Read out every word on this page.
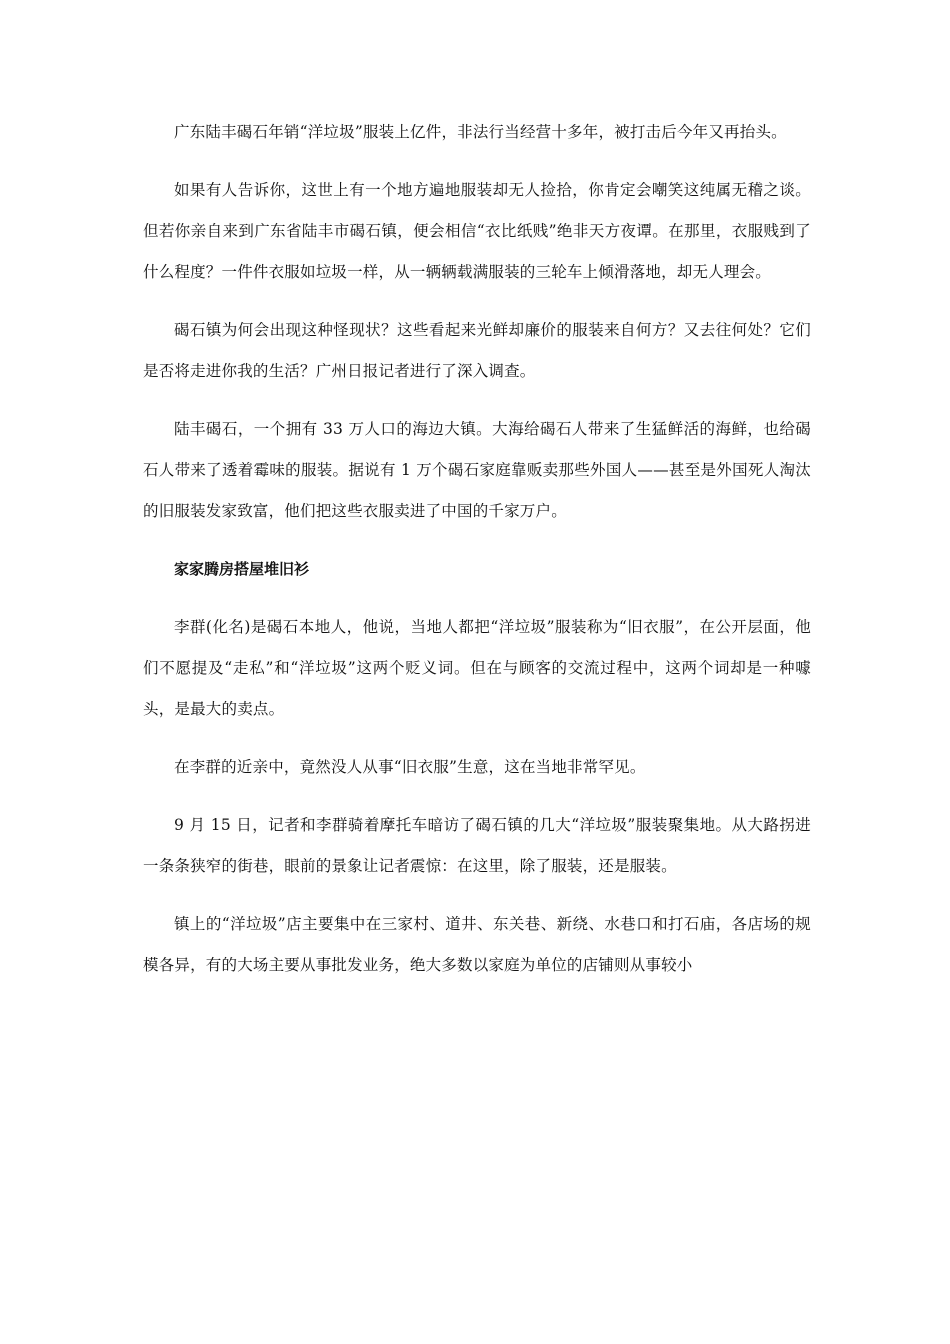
广东陆丰碣石年销“洋垃圾”服装上亿件，非法行当经营十多年，被打击后今年又再抬头。

如果有人告诉你，这世上有一个地方遍地服装却无人捡拾，你肯定会嘲笑这纯属无稽之谈。但若你亲自来到广东省陆丰市碣石镇，便会相信“衣比纸贱”绝非天方夜谭。在那里，衣服贱到了什么程度？一件件衣服如垃圾一样，从一辆辆载满服装的三轮车上倾滑落地，却无人理会。

碣石镇为何会出现这种怪现状？这些看起来光鲜却廉价的服装来自何方？又去往何处？它们是否将走进你我的生活？广州日报记者进行了深入调查。

陆丰碣石，一个拥有 33 万人口的海边大镇。大海给碣石人带来了生猛鲜活的海鲜，也给碣石人带来了透着霉味的服装。据说有 1 万个碣石家庭靠贩卖那些外国人——甚至是外国死人淘汰的旧服装发家致富，他们把这些衣服卖进了中国的千家万户。

家家腾房搭屋堆旧衫

李群(化名)是碣石本地人，他说，当地人都把“洋垃圾”服装称为“旧衣服”，在公开层面，他们不愿提及“走私”和“洋垃圾”这两个贬义词。但在与顾客的交流过程中，这两个词却是一种噱头，是最大的卖点。

在李群的近亲中，竟然没人从事“旧衣服”生意，这在当地非常罕见。

9 月 15 日，记者和李群骑着摩托车暗访了碣石镇的几大“洋垃圾”服装聚集地。从大路拐进一条条狭窄的街巷，眼前的景象让记者震惊：在这里，除了服装，还是服装。

镇上的“洋垃圾”店主要集中在三家村、道井、东关巷、新绕、水巷口和打石庙，各店场的规模各异，有的大场主要从事批发业务，绝大多数以家庭为单位的店铺则从事较小
